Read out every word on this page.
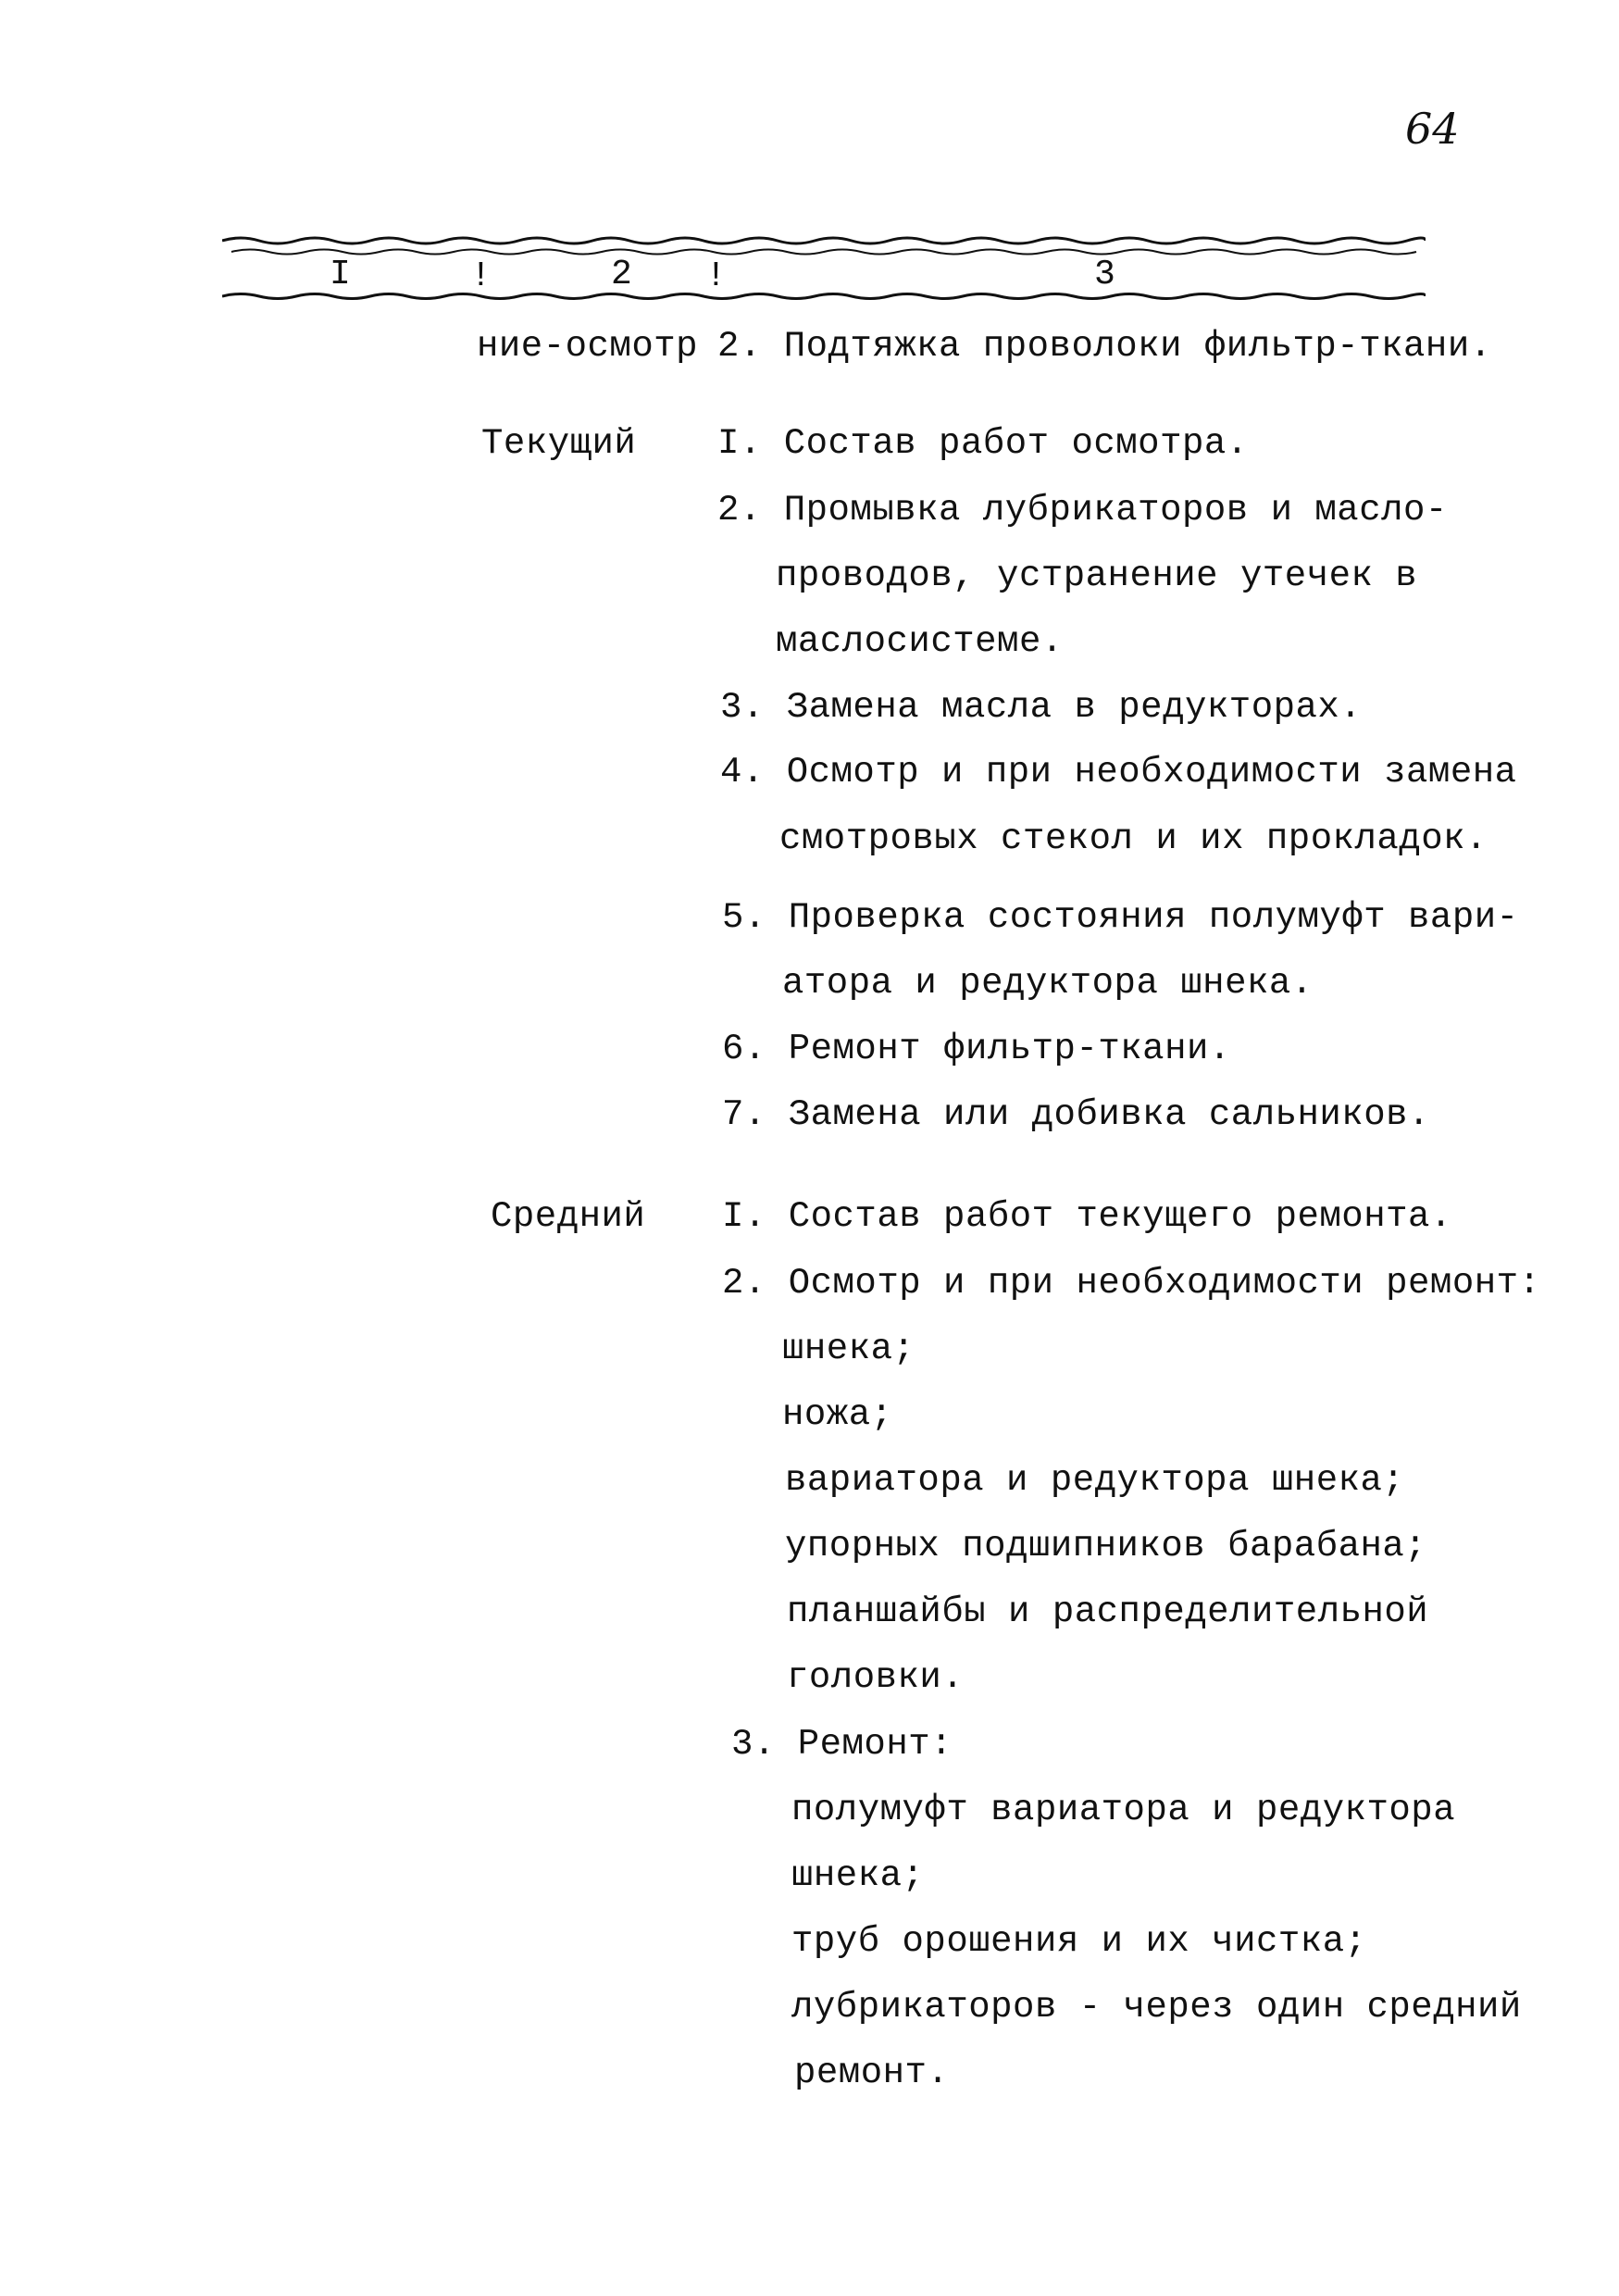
64
I	!	2 !	3
ние-осмотр 2. Подтяжка проволоки фильтр-ткани.
Текущий I. Состав работ осмотра.
2. Промывка лубрикаторов и масло-
проводов, устранение утечек в
маслосистеме.
3. Замена масла в редукторах.
4. Осмотр и при необходимости замена
смотровых стекол и их прокладок.
5. Проверка состояния полумуфт вари-
атора и редуктора шнека.
6. Ремонт фильтр-ткани.
7. Замена или добивка сальников.
Средний I. Состав работ текущего ремонта.
2. Осмотр и при необходимости ремонт:
шнека;
ножа;
вариатора и редуктора шнека;
упорных подшипников барабана;
планшайбы и распределительной
головки.
3. Ремонт:
полумуфт вариатора и редуктора
шнека;
труб орошения и их чистка;
лубрикаторов - через один средний
ремонт.
